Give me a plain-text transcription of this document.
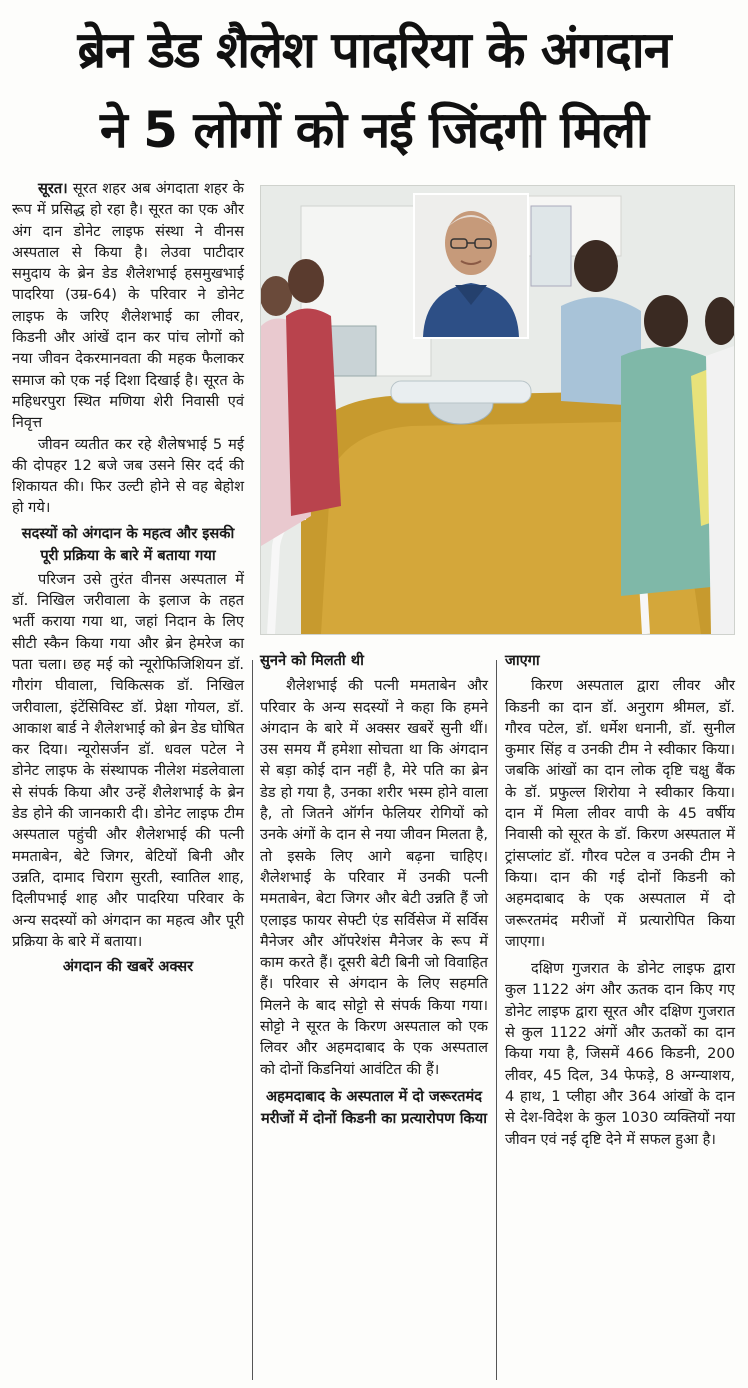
ब्रेन डेड शैलेश पादरिया के अंगदान
ने 5 लोगों को नई जिंदगी मिली

सूरत। सूरत शहर अब अंगदाता शहर के रूप में प्रसिद्ध हो रहा है। सूरत का एक और अंग दान डोनेट लाइफ संस्था ने वीनस अस्पताल से किया है। लेउवा पाटीदार समुदाय के ब्रेन डेड शैलेशभाई हसमुखभाई पादरिया (उम्र-64) के परिवार ने डोनेट लाइफ के जरिए शैलेशभाई का लीवर, किडनी और आंखें दान कर पांच लोगों को नया जीवन देकरमानवता की महक फैलाकर समाज को एक नई दिशा दिखाई है। सूरत के महिधरपुरा स्थित मणिया शेरी निवासी एवं निवृत्त

जीवन व्यतीत कर रहे शैलेषभाई 5 मई की दोपहर 12 बजे जब उसने सिर दर्द की शिकायत की। फिर उल्टी होने से वह बेहोश हो गये।

सदस्यों को अंगदान के महत्व और इसकी पूरी प्रक्रिया के बारे में बताया गया

परिजन उसे तुरंत वीनस अस्पताल में डॉ. निखिल जरीवाला के इलाज के तहत भर्ती कराया गया था, जहां निदान के लिए सीटी स्कैन किया गया और ब्रेन हेमरेज का पता चला। छह मई को न्यूरोफिजिशियन डॉ. गौरांग घीवाला, चिकित्सक डॉ. निखिल जरीवाला, इंटेंसिविस्ट डॉ. प्रेक्षा गोयल, डॉ. आकाश बार्ड ने शैलेशभाई को ब्रेन डेड घोषित कर दिया। न्यूरोसर्जन डॉ. धवल पटेल ने डोनेट लाइफ के संस्थापक नीलेश मंडलेवाला से संपर्क किया और उन्हें शैलेशभाई के ब्रेन डेड होने की जानकारी दी। डोनेट लाइफ टीम अस्पताल पहुंची और शैलेशभाई की पत्नी ममताबेन, बेटे जिगर, बेटियों बिनी और उन्नति, दामाद चिराग सुरती, स्वातिल शाह, दिलीपभाई शाह और पादरिया परिवार के अन्य सदस्यों को अंगदान का महत्व और पूरी प्रक्रिया के बारे में बताया।

अंगदान की खबरें अक्सर
सुनने को मिलती थी

शैलेशभाई की पत्नी ममताबेन और परिवार के अन्य सदस्यों ने कहा कि हमने अंगदान के बारे में अक्सर खबरें सुनी थीं। उस समय मैं हमेशा सोचता था कि अंगदान से बड़ा कोई दान नहीं है, मेरे पति का ब्रेन डेड हो गया है, उनका शरीर भस्म होने वाला है, तो जितने ऑर्गन फेलियर रोगियों को उनके अंगों के दान से नया जीवन मिलता है, तो इसके लिए आगे बढ़ना चाहिए। शैलेशभाई के परिवार में उनकी पत्नी ममताबेन, बेटा जिगर और बेटी उन्नति हैं जो एलाइड फायर सेफ्टी एंड सर्विसेज में सर्विस मैनेजर और ऑपरेशंस मैनेजर के रूप में काम करते हैं। दूसरी बेटी बिनी जो विवाहित हैं। परिवार से अंगदान के लिए सहमति मिलने के बाद सोट्टो से संपर्क किया गया। सोट्टो ने सूरत के किरण अस्पताल को एक लिवर और अहमदाबाद के एक अस्पताल को दोनों किडनियां आवंटित की हैं।

अहमदाबाद के अस्पताल में दो जरूरतमंद मरीजों में दोनों किडनी का प्रत्यारोपण किया
जाएगा

किरण अस्पताल द्वारा लीवर और किडनी का दान डॉ. अनुराग श्रीमल, डॉ. गौरव पटेल, डॉ. धर्मेश धनानी, डॉ. सुनील कुमार सिंह व उनकी टीम ने स्वीकार किया। जबकि आंखों का दान लोक दृष्टि चक्षु बैंक के डॉ. प्रफुल्ल शिरोया ने स्वीकार किया। दान में मिला लीवर वापी के 45 वर्षीय निवासी को सूरत के डॉ. किरण अस्पताल में ट्रांसप्लांट डॉ. गौरव पटेल व उनकी टीम ने किया। दान की गई दोनों किडनी को अहमदाबाद के एक अस्पताल में दो जरूरतमंद मरीजों में प्रत्यारोपित किया जाएगा।

दक्षिण गुजरात के डोनेट लाइफ द्वारा कुल 1122 अंग और ऊतक दान किए गए डोनेट लाइफ द्वारा सूरत और दक्षिण गुजरात से कुल 1122 अंगों और ऊतकों का दान किया गया है, जिसमें 466 किडनी, 200 लीवर, 45 दिल, 34 फेफड़े, 8 अग्न्याशय, 4 हाथ, 1 प्लीहा और 364 आंखों के दान से देश-विदेश के कुल 1030 व्यक्तियों नया जीवन एवं नई दृष्टि देने में सफल हुआ है।
